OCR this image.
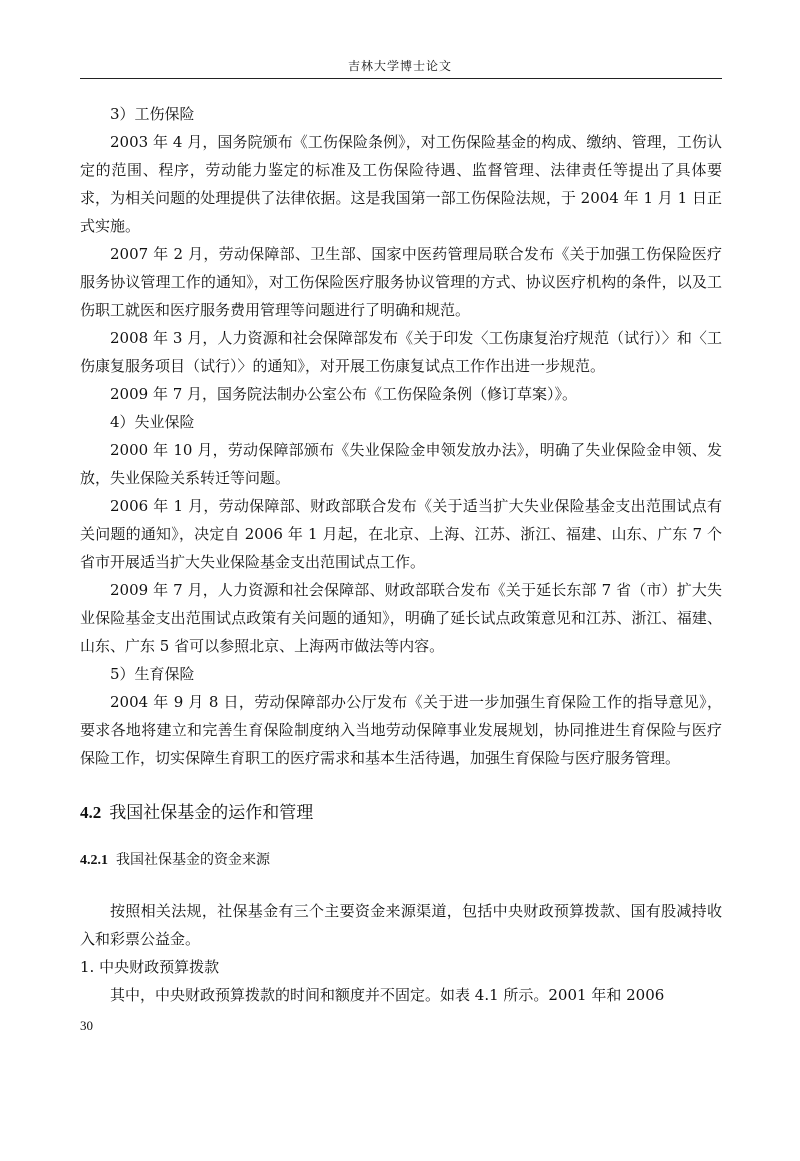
吉林大学博士论文

3）工伤保险

2003 年 4 月，国务院颁布《工伤保险条例》，对工伤保险基金的构成、缴纳、管理，工伤认定的范围、程序，劳动能力鉴定的标准及工伤保险待遇、监督管理、法律责任等提出了具体要求，为相关问题的处理提供了法律依据。这是我国第一部工伤保险法规，于 2004 年 1 月 1 日正式实施。

2007 年 2 月，劳动保障部、卫生部、国家中医药管理局联合发布《关于加强工伤保险医疗服务协议管理工作的通知》，对工伤保险医疗服务协议管理的方式、协议医疗机构的条件，以及工伤职工就医和医疗服务费用管理等问题进行了明确和规范。

2008 年 3 月，人力资源和社会保障部发布《关于印发〈工伤康复治疗规范（试行）〉和〈工伤康复服务项目（试行）〉的通知》，对开展工伤康复试点工作作出进一步规范。

2009 年 7 月，国务院法制办公室公布《工伤保险条例（修订草案）》。

4）失业保险

2000 年 10 月，劳动保障部颁布《失业保险金申领发放办法》，明确了失业保险金申领、发放，失业保险关系转迁等问题。

2006 年 1 月，劳动保障部、财政部联合发布《关于适当扩大失业保险基金支出范围试点有关问题的通知》，决定自 2006 年 1 月起，在北京、上海、江苏、浙江、福建、山东、广东 7 个省市开展适当扩大失业保险基金支出范围试点工作。

2009 年 7 月，人力资源和社会保障部、财政部联合发布《关于延长东部 7 省（市）扩大失业保险基金支出范围试点政策有关问题的通知》，明确了延长试点政策意见和江苏、浙江、福建、山东、广东 5 省可以参照北京、上海两市做法等内容。

5）生育保险

2004 年 9 月 8 日，劳动保障部办公厅发布《关于进一步加强生育保险工作的指导意见》，要求各地将建立和完善生育保险制度纳入当地劳动保障事业发展规划，协同推进生育保险与医疗保险工作，切实保障生育职工的医疗需求和基本生活待遇，加强生育保险与医疗服务管理。

4.2 我国社保基金的运作和管理
4.2.1 我国社保基金的资金来源

按照相关法规，社保基金有三个主要资金来源渠道，包括中央财政预算拨款、国有股减持收入和彩票公益金。

1. 中央财政预算拨款

其中，中央财政预算拨款的时间和额度并不固定。如表 4.1 所示。2001 年和 2006

30
